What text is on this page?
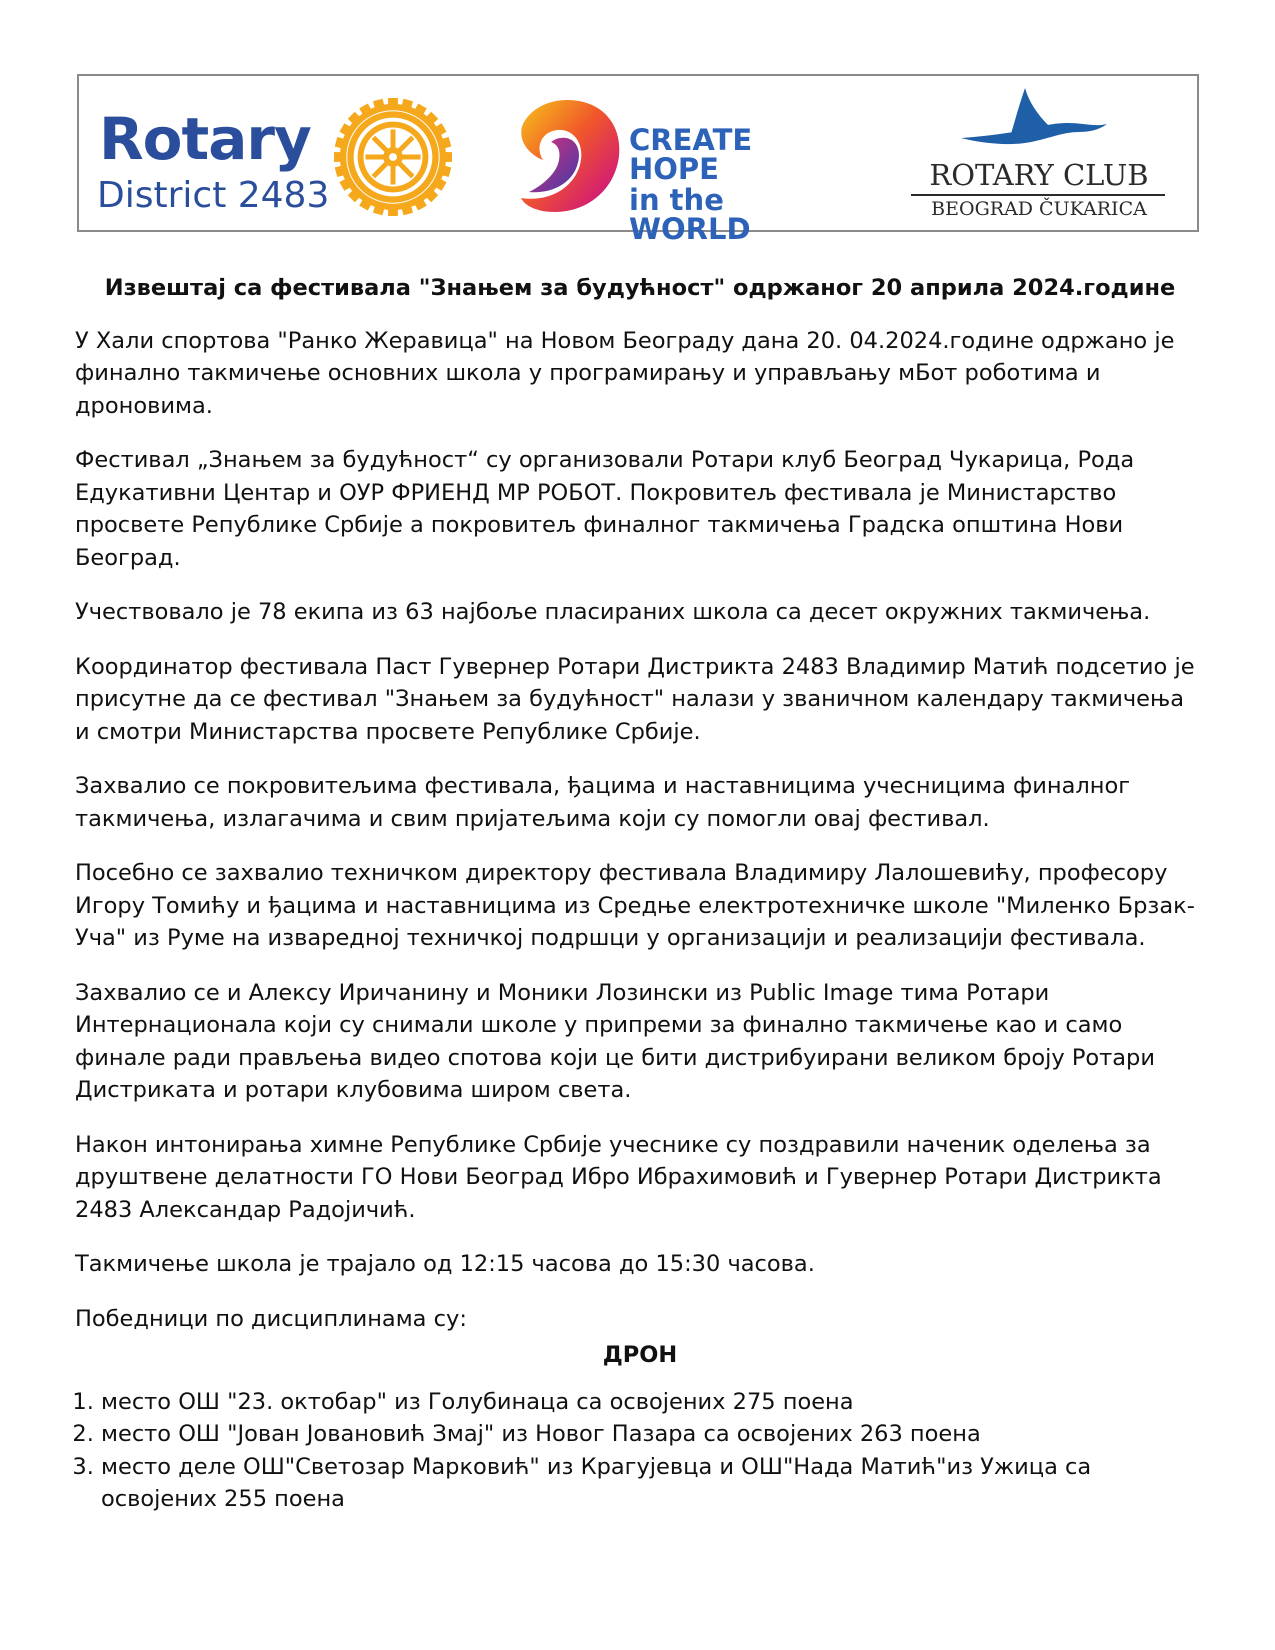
Rotary
District 2483
CREATE HOPE
in the WORLD
ROTARY CLUB
BEOGRAD ČUKARICA
Извештај са фестивала "Знањем за будућност" одржаног 20 априла 2024.године

У Хали спортова "Ранко Жеравица" на Новом Београду дана 20. 04.2024.године одржано је финално такмичење основних школа у програмирању и управљању мБот роботима и дроновима.

Фестивал „Знањем за будућност“ су организовали Ротари клуб Београд Чукарица, Рода Едукативни Центар и ОУР ФРИЕНД МР РОБОТ. Покровитељ фестивала је Министарство просвете Републике Србије а покровитељ финалног такмичења Градска општина Нови Београд.

Учествовало је 78 екипа из 63 најбоље пласираних школа са десет окружних такмичења.

Координатор фестивала Паст Гувернер Ротари Дистрикта 2483 Владимир Матић подсетио је присутне да се фестивал "Знањем за будућност" налази у званичном календару такмичења и смотри Министарства просвете Републике Србије.

Захвалио се покровитељима фестивала, ђацима и наставницима учесницима финалног такмичења, излагачима и свим пријатељима који су помогли овај фестивал.

Посебно се захвалио техничком директору фестивала Владимиру Лалошевићу, професору Игору Томићу и ђацима и наставницима из Средње електротехничке школе "Миленко Брзак-Уча" из Руме на изваредној техничкој подршци у организацији и реализацији фестивала.

Захвалио се и Алексу Иричанину и Моники Лозински из Public Image тима Ротари Интернационала који су снимали школе у припреми за финално такмичење као и само финале ради прављења видео спотова који це бити дистрибуирани великом броју Ротари Дистриката и ротари клубовима широм света.

Након интонирања химне Републике Србије учеснике су поздравили наченик оделења за друштвене делатности ГО Нови Београд Ибро Ибрахимовић и Гувернер Ротари Дистрикта 2483 Александар Радојичић.

Такмичење школа је трајало од 12:15 часова до 15:30 часова.

Победници по дисциплинама су:

ДРОН
1. место ОШ "23. октобар" из Голубинаца са освојених 275 поена
2. место ОШ "Јован Јовановић Змај" из Новог Пазара са освојених 263 поена
3. место деле ОШ"Светозар Марковић" из Крагујевца и ОШ"Нада Матић"из Ужица са освојених 255 поена
